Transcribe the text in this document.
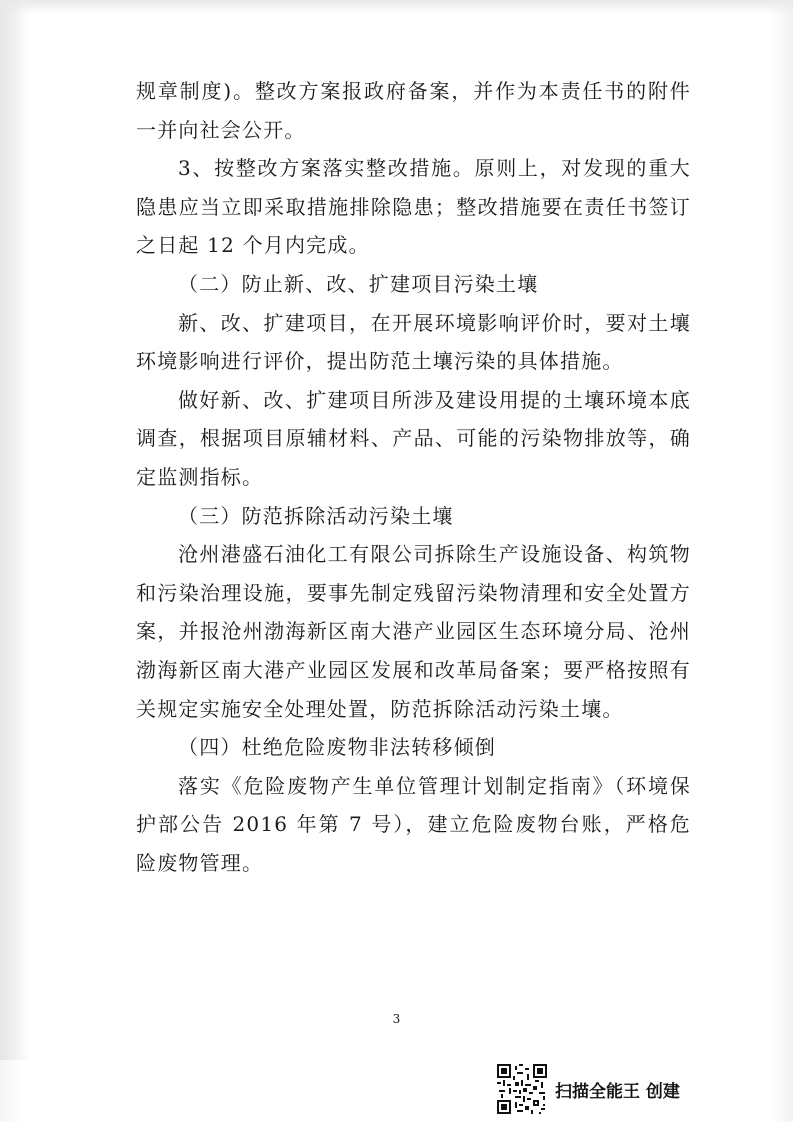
规章制度)。整改方案报政府备案，并作为本责任书的附件一并向社会公开。

3、按整改方案落实整改措施。原则上，对发现的重大隐患应当立即采取措施排除隐患；整改措施要在责任书签订之日起 12 个月内完成。

（二）防止新、改、扩建项目污染土壤

新、改、扩建项目，在开展环境影响评价时，要对土壤环境影响进行评价，提出防范土壤污染的具体措施。

做好新、改、扩建项目所涉及建设用提的土壤环境本底调查，根据项目原辅材料、产品、可能的污染物排放等，确定监测指标。

（三）防范拆除活动污染土壤

沧州港盛石油化工有限公司拆除生产设施设备、构筑物和污染治理设施，要事先制定残留污染物清理和安全处置方案，并报沧州渤海新区南大港产业园区生态环境分局、沧州渤海新区南大港产业园区发展和改革局备案；要严格按照有关规定实施安全处理处置，防范拆除活动污染土壤。

（四）杜绝危险废物非法转移倾倒

落实《危险废物产生单位管理计划制定指南》（环境保护部公告 2016 年第 7 号），建立危险废物台账，严格危险废物管理。

3
扫描全能王 创建
